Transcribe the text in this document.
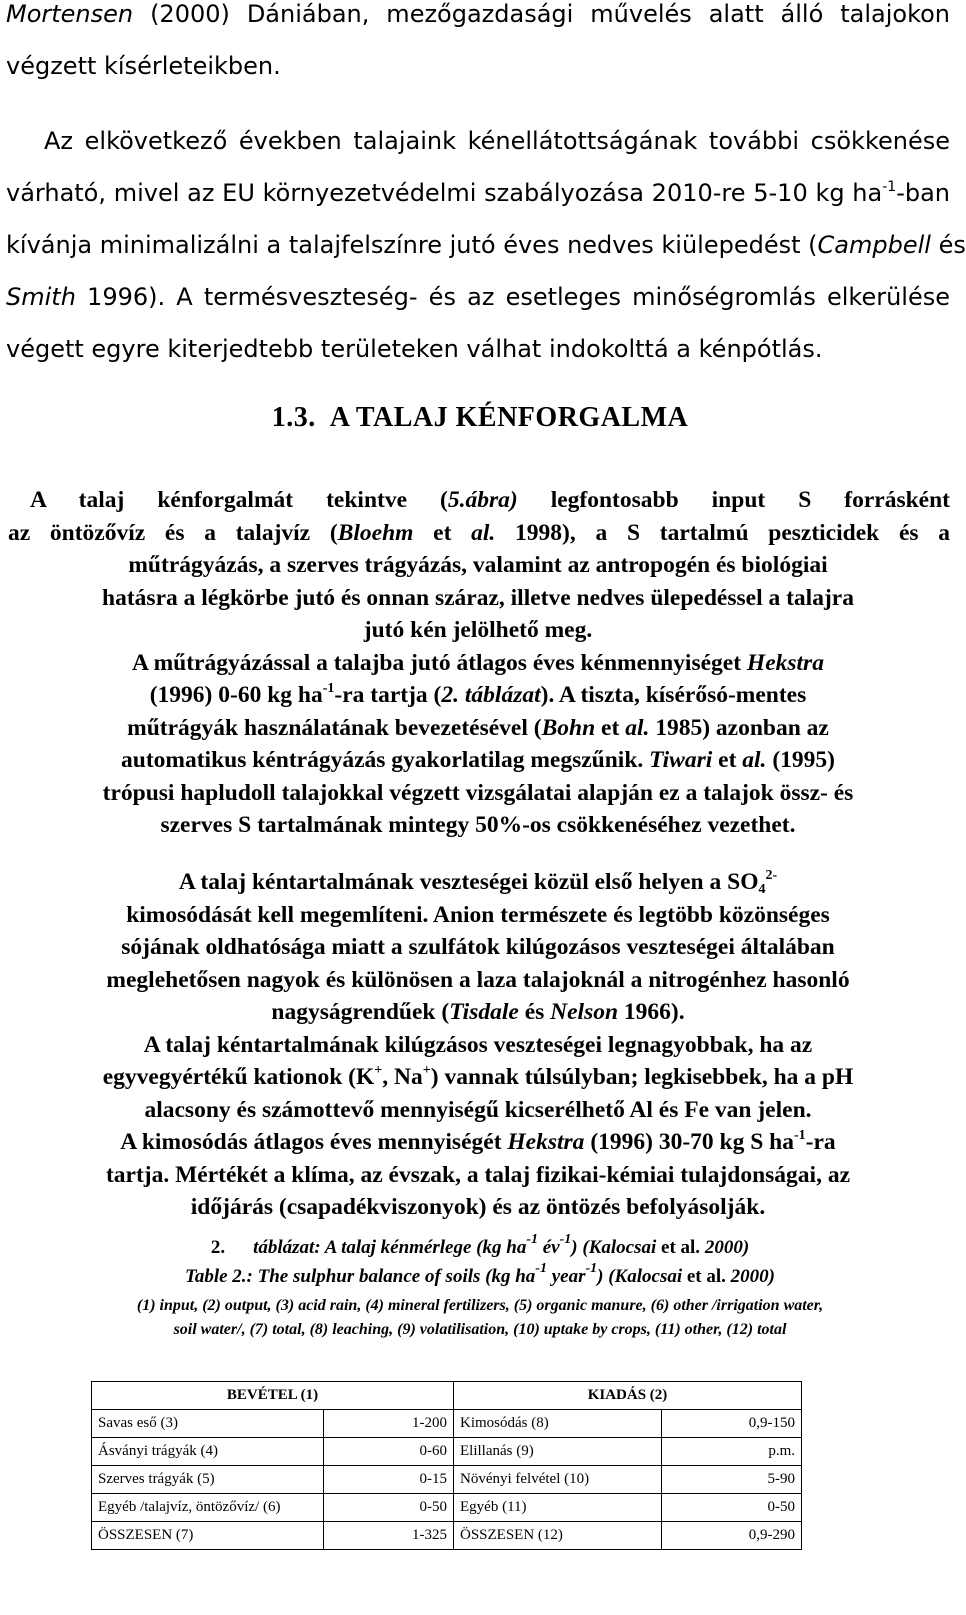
Mortensen (2000) Dániában, mezőgazdasági művelés alatt álló talajokon
végzett kísérleteikben.
Az elkövetkező években talajaink kénellátottságának további csökkenése
várható, mivel az EU környezetvédelmi szabályozása 2010-re 5-10 kg $ha^{-1}$-ban
kívánja minimalizálni a talajfelszínre jutó éves nedves kiülepedést (Campbell és
Smith 1996). A termésveszteség- és az esetleges minőségromlás elkerülése
végett egyre kiterjedtebb területeken válhat indokolttá a kénpótlás.
1.3. A TALAJ KÉNFORGALMA
A talaj kénforgalmát tekintve (5.ábra) legfontosabb input S forrásként
az öntözővíz és a talajvíz (Bloehm et al. 1998), a S tartalmú peszticidek és a
műtrágyázás, a szerves trágyázás, valamint az antropogén és biológiai
hatásra a légkörbe jutó és onnan száraz, illetve nedves ülepedéssel a talajra
jutó kén jelölhető meg.
A műtrágyázással a talajba jutó átlagos éves kénmennyiséget Hekstra
(1996) 0-60 kg $ha^{-1}-ra$ tartja (2. táblázat). A tiszta, kísérősó-mentes
műtrágyák használatának bevezetésével (Bohn et al. 1985) azonban az
automatikus kéntrágyázás gyakorlatilag megszűnik. Tiwari et al. (1995)
trópusi hapludoll talajokkal végzett vizsgálatai alapján ez a talajok össz- és
szerves S tartalmának mintegy 50%-os csökkenéséhez vezethet.
A talaj kéntartalmának veszteségei közül első helyen a $SO_4^{2-}$
kimosódását kell megemlíteni. Anion természete és legtöbb közönséges
sójának oldhatósága miatt a szulfátok kilúgozásos veszteségei általában
meglehetősen nagyok és különösen a laza talajoknál a nitrogénhez hasonló
nagyságrendűek (Tisdale és Nelson 1966).
A talaj kéntartalmának kilúgzásos veszteségei legnagyobbak, ha az
egyvegyértékű kationok (K+, Na+) vannak túlsúlyban; legkisebbek, ha a pH
alacsony és számottevő mennyiségű kicserélhető Al és Fe van jelen.
A kimosódás átlagos éves mennyiségét Hekstra (1996) 30-70 kg S $ha^{-1}-ra$
tartja. Mértékét a klíma, az évszak, a talaj fizikai-kémiai tulajdonságai, az
időjárás (csapadékviszonyok) és az öntözés befolyásolják.
2. táblázat: A talaj kénmérlege (kg $ha^{-1}$ $év^{-1}$) (Kalocsai et al. 2000)
Table 2.: The sulphur balance of soils (kg $ha^{-1}$ year$^{-1}$) (Kalocsai et al. 2000)
(1) input, (2) output, (3) acid rain, (4) mineral fertilizers, (5) organic manure, (6) other /irrigation water,
soil water/, (7) total, (8) leaching, (9) volatilisation, (10) uptake by crops, (11) other, (12) total
BEVÉTEL (1)		KIADÁS (2)	
Savas eső (3)	1-200	Kimosódás (8)	0,9-150
Ásványi trágyák (4)	0-60	Elillanás (9)	p.m.
Szerves trágyák (5)	0-15	Növényi felvétel (10)	5-90
Egyéb /talajvíz, öntözővíz/ (6)	0-50	Egyéb (11)	0-50
ÖSSZESEN (7)	1-325	ÖSSZESEN (12)	0,9-290
